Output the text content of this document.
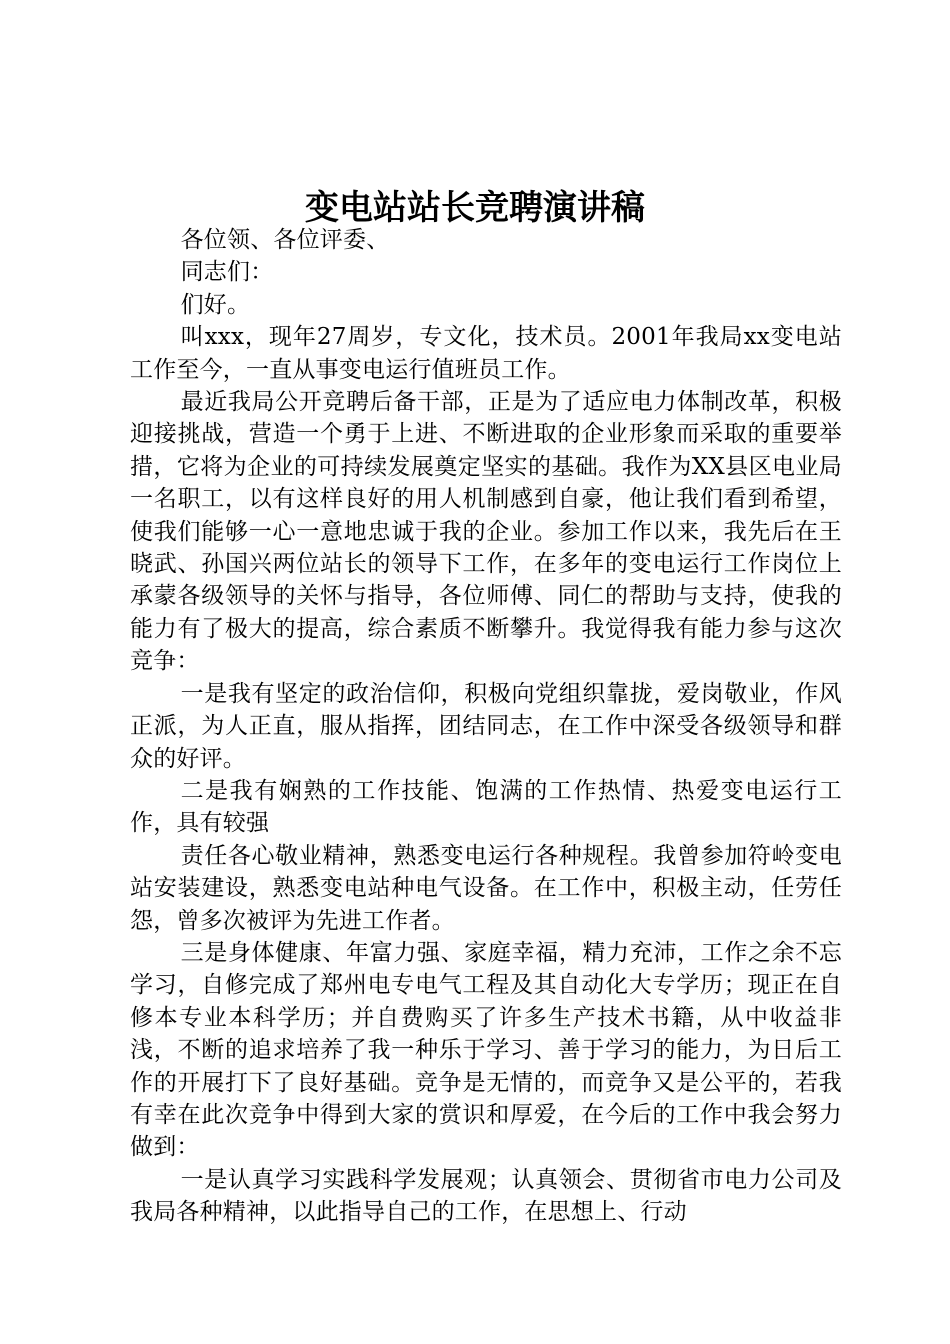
变电站站长竞聘演讲稿

各位领、各位评委、

同志们：

们好。

叫xxx，现年27周岁，专文化，技术员。2001年我局xx变电站工作至今，一直从事变电运行值班员工作。

最近我局公开竞聘后备干部，正是为了适应电力体制改革，积极迎接挑战，营造一个勇于上进、不断进取的企业形象而采取的重要举措，它将为企业的可持续发展奠定坚实的基础。我作为XX县区电业局一名职工，以有这样良好的用人机制感到自豪，他让我们看到希望，使我们能够一心一意地忠诚于我的企业。参加工作以来，我先后在王晓武、孙国兴两位站长的领导下工作，在多年的变电运行工作岗位上承蒙各级领导的关怀与指导，各位师傅、同仁的帮助与支持，使我的能力有了极大的提高，综合素质不断攀升。我觉得我有能力参与这次竞争：

一是我有坚定的政治信仰，积极向党组织靠拢，爱岗敬业，作风正派，为人正直，服从指挥，团结同志，在工作中深受各级领导和群众的好评。

二是我有娴熟的工作技能、饱满的工作热情、热爱变电运行工作，具有较强

责任各心敬业精神，熟悉变电运行各种规程。我曾参加符岭变电站安装建设，熟悉变电站种电气设备。在工作中，积极主动，任劳任怨，曾多次被评为先进工作者。

三是身体健康、年富力强、家庭幸福，精力充沛，工作之余不忘学习，自修完成了郑州电专电气工程及其自动化大专学历；现正在自修本专业本科学历；并自费购买了许多生产技术书籍，从中收益非浅，不断的追求培养了我一种乐于学习、善于学习的能力，为日后工作的开展打下了良好基础。竞争是无情的，而竞争又是公平的，若我有幸在此次竞争中得到大家的赏识和厚爱，在今后的工作中我会努力做到：

一是认真学习实践科学发展观；认真领会、贯彻省市电力公司及我局各种精神，以此指导自己的工作，在思想上、行动
